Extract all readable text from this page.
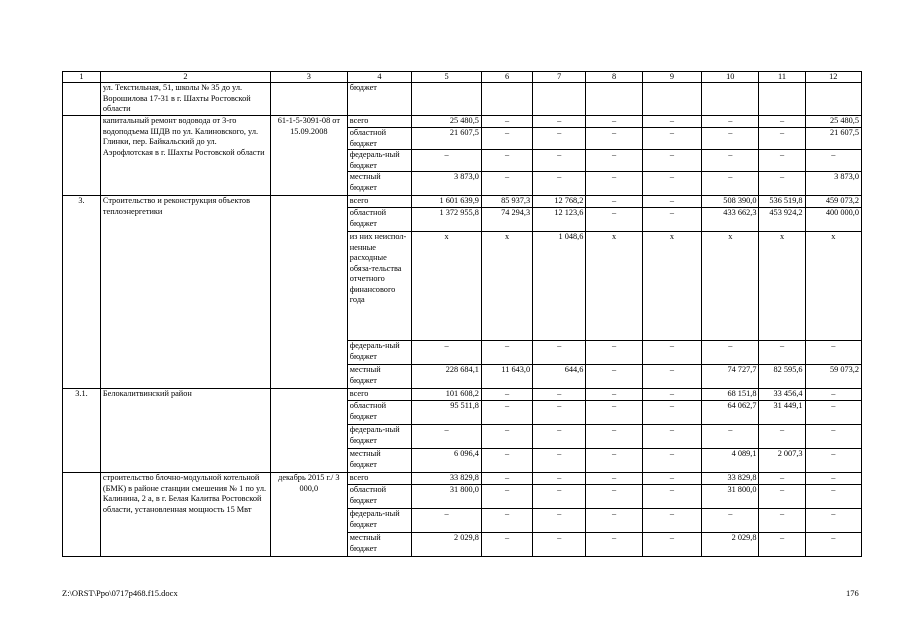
1	2	3	4	5	6	7	8	9	10	11	12
	ул. Текстильная, 51, школы № 35 до ул. Ворошилова 17-31 в г. Шахты Ростовской области		бюджет								
	капитальный ремонт водовода от 3-го водоподъема ШДВ по ул. Калиновского, ул. Глинки, пер. Байкальский до ул. Аэрофлотская в г. Шахты Ростовской области	61-1-5-3091-08 от 15.09.2008	всего	25 480,5	–	–	–	–	–	–	25 480,5
			областной бюджет	21 607,5	–	–	–	–	–	–	21 607,5
			федераль-ный бюджет	–	–	–	–	–	–	–	–
			местный бюджет	3 873,0	–	–	–	–	–	–	3 873,0
3.	Строительство и реконструкция объектов теплоэнергетики		всего	1 601 639,9	85 937,3	12 768,2	–	–	508 390,0	536 519,8	459 073,2
			областной бюджет	1 372 955,8	74 294,3	12 123,6	–	–	433 662,3	453 924,2	400 000,0
			из них неиспол-ненные расходные обяза-тельства отчетного финансового года	х	х	1 048,6	х	х	х	х	х
			федераль-ный бюджет	–	–	–	–	–	–	–	–
			местный бюджет	228 684,1	11 643,0	644,6	–	–	74 727,7	82 595,6	59 073,2
3.1.	Белокалитвинский район		всего	101 608,2	–	–	–	–	68 151,8	33 456,4	–
			областной бюджет	95 511,8	–	–	–	–	64 062,7	31 449,1	–
			федераль-ный бюджет	–	–	–	–	–	–	–	–
			местный бюджет	6 096,4	–	–	–	–	4 089,1	2 007,3	–
	строительство блочно-модульной котельной (БМК) в районе станции смешения № 1 по ул. Калинина, 2 а, в г. Белая Калитва Ростовской области, установленная мощность 15 Мвт	декабрь 2015 г./ 3 000,0	всего	33 829,8	–	–	–	–	33 829,8	–	–
			областной бюджет	31 800,0	–	–	–	–	31 800,0	–	–
			федераль-ный бюджет	–	–	–	–	–	–	–	–
			местный бюджет	2 029,8	–	–	–	–	2 029,8	–	–
Z:\ORST\Ppo\0717p468.f15.docx	176
